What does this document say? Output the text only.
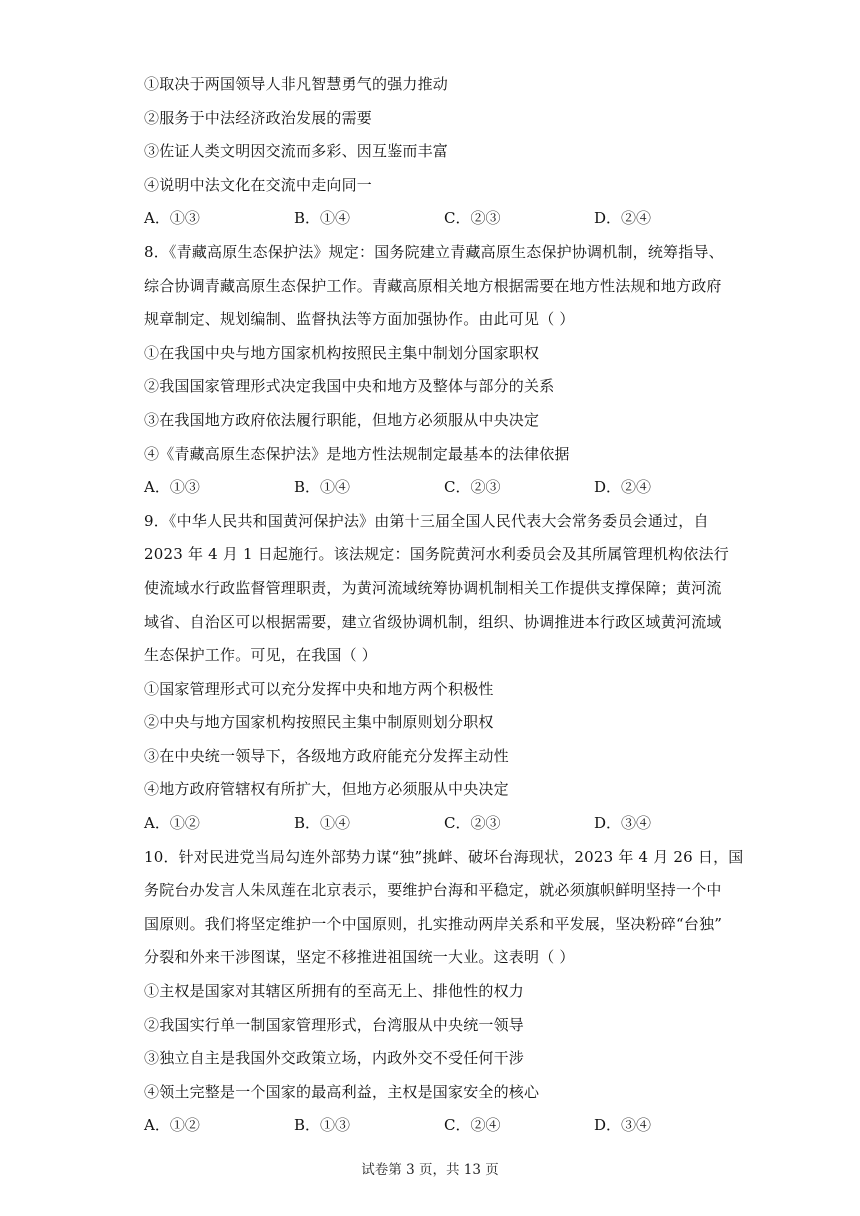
①取决于两国领导人非凡智慧勇气的强力推动
②服务于中法经济政治发展的需要
③佐证人类文明因交流而多彩、因互鉴而丰富
④说明中法文化在交流中走向同一
A．①③	B．①④	C．②③	D．②④
8．《青藏高原生态保护法》规定：国务院建立青藏高原生态保护协调机制，统筹指导、
综合协调青藏高原生态保护工作。青藏高原相关地方根据需要在地方性法规和地方政府
规章制定、规划编制、监督执法等方面加强协作。由此可见（ ）
①在我国中央与地方国家机构按照民主集中制划分国家职权
②我国国家管理形式决定我国中央和地方及整体与部分的关系
③在我国地方政府依法履行职能，但地方必须服从中央决定
④《青藏高原生态保护法》是地方性法规制定最基本的法律依据
A．①③	B．①④	C．②③	D．②④
9．《中华人民共和国黄河保护法》由第十三届全国人民代表大会常务委员会通过，自
2023 年 4 月 1 日起施行。该法规定：国务院黄河水利委员会及其所属管理机构依法行
使流域水行政监督管理职责，为黄河流域统筹协调机制相关工作提供支撑保障；黄河流
域省、自治区可以根据需要，建立省级协调机制，组织、协调推进本行政区域黄河流域
生态保护工作。可见，在我国（ ）
①国家管理形式可以充分发挥中央和地方两个积极性
②中央与地方国家机构按照民主集中制原则划分职权
③在中央统一领导下，各级地方政府能充分发挥主动性
④地方政府管辖权有所扩大，但地方必须服从中央决定
A．①②	B．①④	C．②③	D．③④
10．针对民进党当局勾连外部势力谋“独”挑衅、破坏台海现状，2023 年 4 月 26 日，国
务院台办发言人朱凤莲在北京表示，要维护台海和平稳定，就必须旗帜鲜明坚持一个中
国原则。我们将坚定维护一个中国原则，扎实推动两岸关系和平发展，坚决粉碎“台独”
分裂和外来干涉图谋，坚定不移推进祖国统一大业。这表明（ ）
①主权是国家对其辖区所拥有的至高无上、排他性的权力
②我国实行单一制国家管理形式，台湾服从中央统一领导
③独立自主是我国外交政策立场，内政外交不受任何干涉
④领土完整是一个国家的最高利益，主权是国家安全的核心
A．①②	B．①③	C．②④	D．③④
试卷第 3 页，共 13 页
